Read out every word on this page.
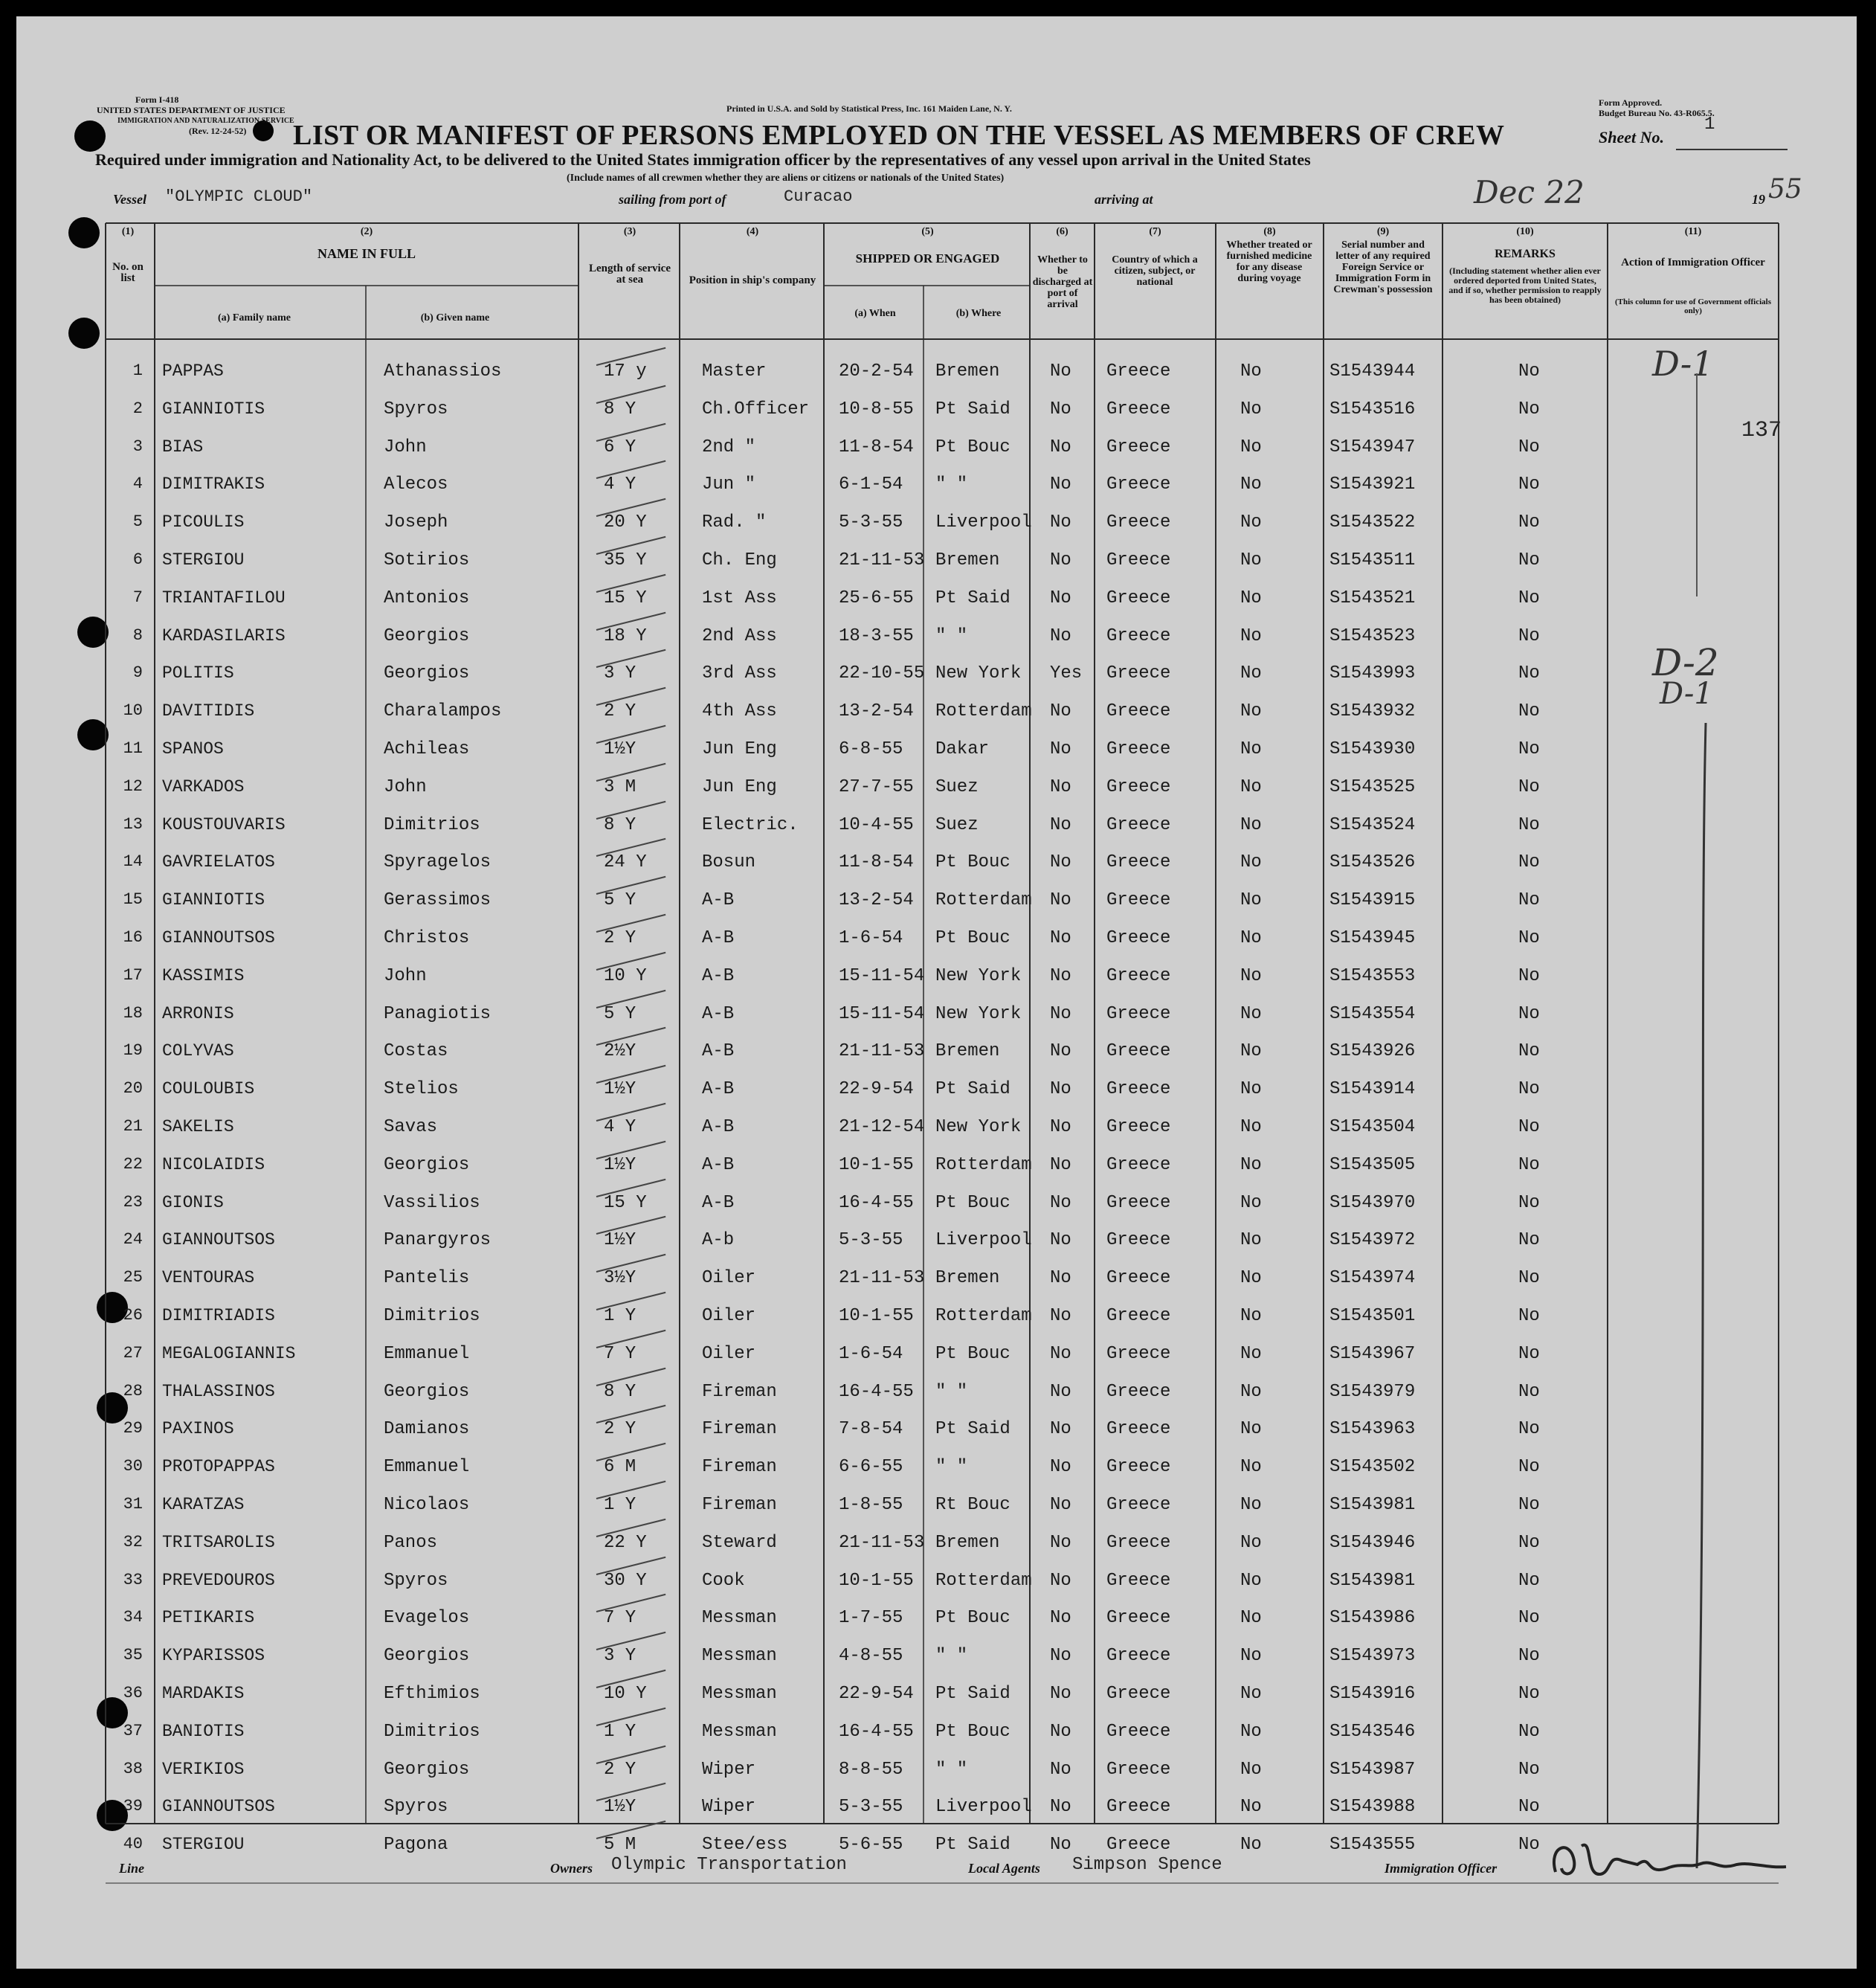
Form I-418
UNITED STATES DEPARTMENT OF JUSTICE
IMMIGRATION AND NATURALIZATION SERVICE
(Rev. 12-24-52)
Printed in U.S.A. and Sold by Statistical Press, Inc. 161 Maiden Lane, N. Y.
Form Approved.
Budget Bureau No. 43-R065.5.
LIST OR MANIFEST OF PERSONS EMPLOYED ON THE VESSEL AS MEMBERS OF CREW	Sheet No.
1
Required under immigration and Nationality Act, to be delivered to the United States immigration officer by the representatives of any vessel upon arrival in the United States
(Include names of all crewmen whether they are aliens or citizens or nationals of the United States)
Vessel "OLYMPIC CLOUD"	sailing from port of	Curacao	arriving at	Dec 22	19 55
(1)
No. on list
(2)
NAME IN FULL
(a) Family name	(b) Given name
(3)
Length of service at sea
(4)
Position in ship's company
(5)
SHIPPED OR ENGAGED
(a) When	(b) Where
(6)
Whether to be discharged at port of arrival
(7)
Country of which a citizen, subject, or national
(8)
Whether treated or furnished medicine for any disease during voyage
(9)
Serial number and letter of any required Foreign Service or Immigration Form in Crewman's possession
(10)
REMARKS
(Including statement whether alien ever ordered deported from United States, and if so, whether permission to reapply has been obtained)
(11)
Action of Immigration Officer
(This column for use of Government officials only)
1 PAPPAS	Athanassios	17 y	Master	20-2-54 Bremen	No Greece	No	S1543944	No
2 GIANNIOTIS	Spyros	8 Y	Ch.Officer 10-8-55 Pt Said No Greece	No	S1543516	No
3 BIAS	John	6 Y	2nd "	11-8-54 Pt Bouc No Greece	No	S1543947	No
4 DIMITRAKIS	Alecos	4 Y	Jun "	6-1-54 " "	No Greece	No	S1543921	No
5 PICOULIS	Joseph	20 Y	Rad. "	5-3-55 Liverpool No Greece	No	S1543522	No
6 STERGIOU	Sotirios	35 Y	Ch. Eng	21-11-53 Bremen	No Greece	No	S1543511	No
7 TRIANTAFILOU	Antonios	15 Y	1st Ass	25-6-55 Pt Said No Greece	No	S1543521	No
8 KARDASILARIS	Georgios	18 Y	2nd Ass	18-3-55 " "	No Greece	No	S1543523	No
9 POLITIS	Georgios	3 Y	3rd Ass	22-10-55 New York Yes Greece	No	S1543993	No
10 DAVITIDIS	Charalampos	2 Y	4th Ass	13-2-54 Rotterdam No Greece	No	S1543932	No
11 SPANOS	Achileas	1½Y	Jun Eng	6-8-55 Dakar	No Greece	No	S1543930	No
12 VARKADOS	John	3 M	Jun Eng	27-7-55 Suez	No Greece	No	S1543525	No
13 KOUSTOUVARIS	Dimitrios	8 Y	Electric. 10-4-55 Suez	No Greece	No	S1543524	No
14 GAVRIELATOS	Spyragelos	24 Y	Bosun	11-8-54 Pt Bouc No Greece	No	S1543526	No
15 GIANNIOTIS	Gerassimos	5 Y	A-B	13-2-54 Rotterdam No Greece	No	S1543915	No
16 GIANNOUTSOS	Christos	2 Y	A-B	1-6-54 Pt Bouc No Greece	No	S1543945	No
17 KASSIMIS	John	10 Y	A-B	15-11-54 New York No Greece	No	S1543553	No
18 ARRONIS	Panagiotis	5 Y	A-B	15-11-54 New York No Greece	No	S1543554	No
19 COLYVAS	Costas	2½Y	A-B	21-11-53 Bremen	No Greece	No	S1543926	No
20 COULOUBIS	Stelios	1½Y	A-B	22-9-54 Pt Said No Greece	No	S1543914	No
21 SAKELIS	Savas	4 Y	A-B	21-12-54 New York No Greece	No	S1543504	No
22 NICOLAIDIS	Georgios	1½Y	A-B	10-1-55 Rotterdam No Greece	No	S1543505	No
23 GIONIS	Vassilios	15 Y	A-B	16-4-55 Pt Bouc No Greece	No	S1543970	No
24 GIANNOUTSOS	Panargyros	1½Y	A-b	5-3-55 Liverpool No Greece	No	S1543972	No
25 VENTOURAS	Pantelis	3½Y	Oiler	21-11-53 Bremen	No Greece	No	S1543974	No
26 DIMITRIADIS	Dimitrios	1 Y	Oiler	10-1-55 Rotterdam No Greece	No	S1543501	No
27 MEGALOGIANNIS	Emmanuel	7 Y	Oiler	1-6-54 Pt Bouc No Greece	No	S1543967	No
28 THALASSINOS	Georgios	8 Y	Fireman	16-4-55 " "	No Greece	No	S1543979	No
29 PAXINOS	Damianos	2 Y	Fireman	7-8-54 Pt Said No Greece	No	S1543963	No
30 PROTOPAPPAS	Emmanuel	6 M	Fireman	6-6-55 " "	No Greece	No	S1543502	No
31 KARATZAS	Nicolaos	1 Y	Fireman	1-8-55 Rt Bouc No Greece	No	S1543981	No
32 TRITSAROLIS	Panos	22 Y	Steward	21-11-53 Bremen	No Greece	No	S1543946	No
33 PREVEDOUROS	Spyros	30 Y	Cook	10-1-55 Rotterdam No Greece	No	S1543981	No
34 PETIKARIS	Evagelos	7 Y	Messman	1-7-55 Pt Bouc No Greece	No	S1543986	No
35 KYPARISSOS	Georgios	3 Y	Messman	4-8-55 " "	No Greece	No	S1543973	No
36 MARDAKIS	Efthimios	10 Y	Messman	22-9-54 Pt Said No Greece	No	S1543916	No
37 BANIOTIS	Dimitrios	1 Y	Messman	16-4-55 Pt Bouc No Greece	No	S1543546	No
38 VERIKIOS	Georgios	2 Y	Wiper	8-8-55 " "	No Greece	No	S1543987	No
39 GIANNOUTSOS	Spyros	1½Y	Wiper	5-3-55 Liverpool No Greece	No	S1543988	No
40 STERGIOU	Pagona	5 M	Stee/ess	5-6-55 Pt Said No Greece	No	S1543555	No
D-1
137
D-2
D-1
Line	Owners Olympic Transportation	Local Agents Simpson Spence	Immigration Officer
